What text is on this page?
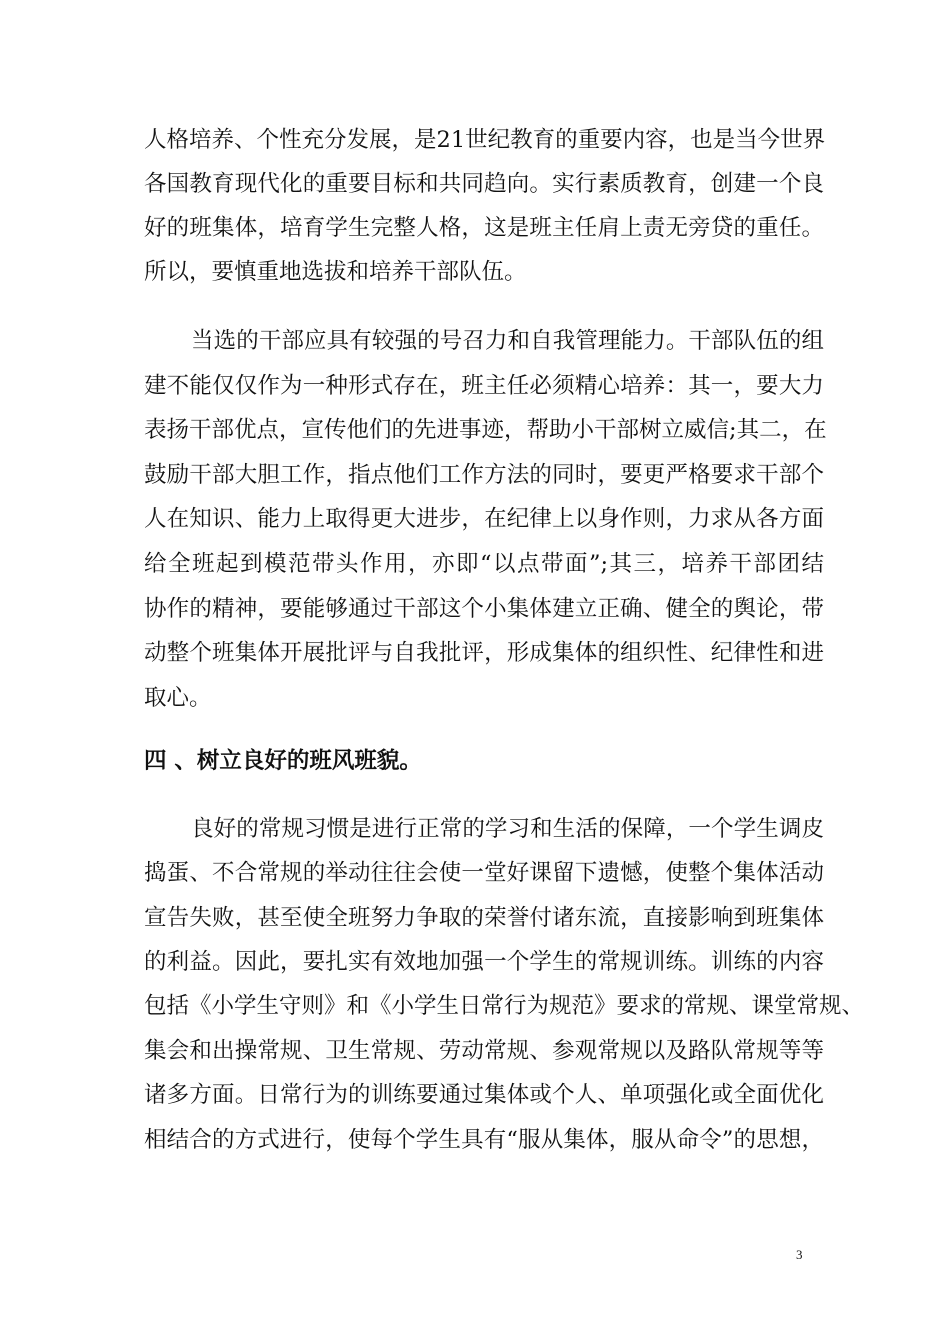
人格培养、个性充分发展，是21世纪教育的重要内容，也是当今世界
各国教育现代化的重要目标和共同趋向。实行素质教育，创建一个良
好的班集体，培育学生完整人格，这是班主任肩上责无旁贷的重任。
所以，要慎重地选拔和培养干部队伍。
当选的干部应具有较强的号召力和自我管理能力。干部队伍的组
建不能仅仅作为一种形式存在，班主任必须精心培养：其一，要大力
表扬干部优点，宣传他们的先进事迹，帮助小干部树立威信;其二，在
鼓励干部大胆工作，指点他们工作方法的同时，要更严格要求干部个
人在知识、能力上取得更大进步，在纪律上以身作则，力求从各方面
给全班起到模范带头作用，亦即“以点带面”;其三，培养干部团结
协作的精神，要能够通过干部这个小集体建立正确、健全的舆论，带
动整个班集体开展批评与自我批评，形成集体的组织性、纪律性和进
取心。
四 、树立良好的班风班貌。
良好的常规习惯是进行正常的学习和生活的保障，一个学生调皮
捣蛋、不合常规的举动往往会使一堂好课留下遗憾，使整个集体活动
宣告失败，甚至使全班努力争取的荣誉付诸东流，直接影响到班集体
的利益。因此，要扎实有效地加强一个学生的常规训练。训练的内容
包括《小学生守则》和《小学生日常行为规范》要求的常规、课堂常规、
集会和出操常规、卫生常规、劳动常规、参观常规以及路队常规等等
诸多方面。日常行为的训练要通过集体或个人、单项强化或全面优化
相结合的方式进行，使每个学生具有“服从集体，服从命令”的思想，
3
